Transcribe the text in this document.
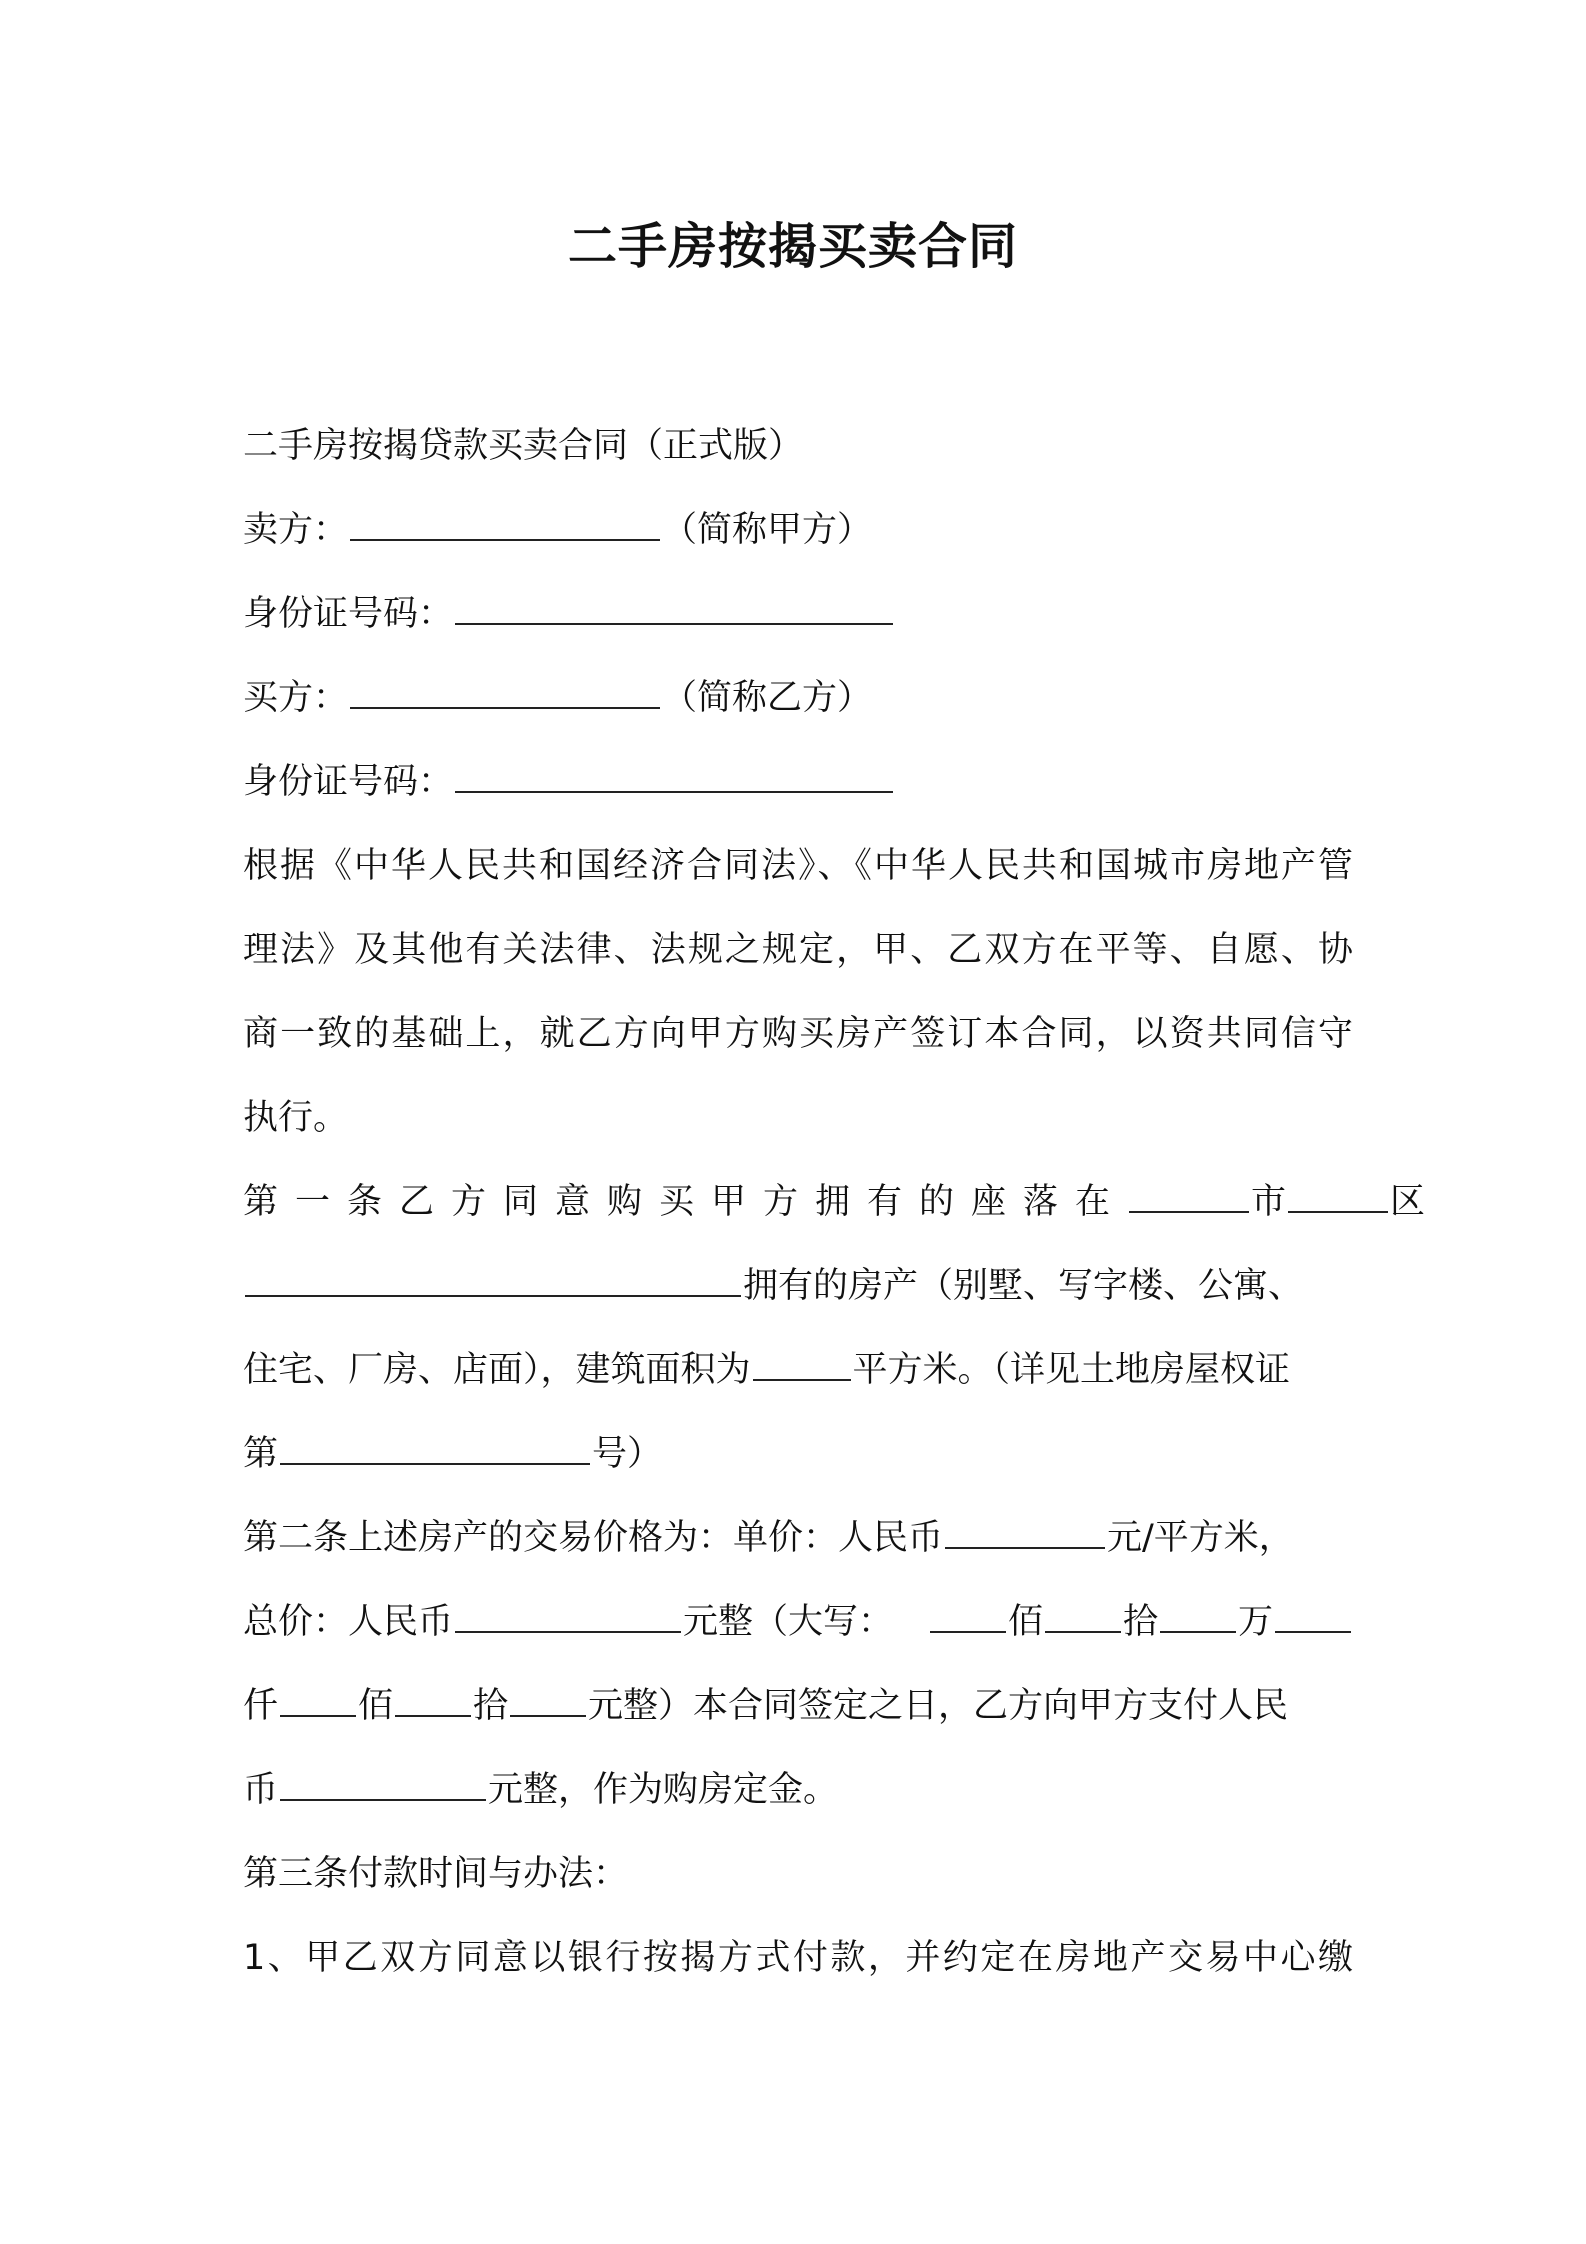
二手房按揭买卖合同
二手房按揭贷款买卖合同（正式版）
卖方：	（简称甲方）
身份证号码：
买方：	（简称乙方）
身份证号码：
根据《中华人民共和国经济合同法》、《中华人民共和国城市房地产管
理法》及其他有关法律、法规之规定，甲、乙双方在平等、自愿、协
商一致的基础上，就乙方向甲方购买房产签订本合同，以资共同信守
执行。
第一条乙方同意购买甲方拥有的座落在	市	区
拥有的房产（别墅、写字楼、公寓、
住宅、厂房、店面），建筑面积为	平方米。（详见土地房屋权证
第	号）
第二条上述房产的交易价格为：单价：人民币	元/平方米，
总价：人民币	元整（大写：	佰 拾 万
仟 佰 拾 元整）本合同签定之日，乙方向甲方支付人民
币	元整，作为购房定金。
第三条付款时间与办法：
1、甲乙双方同意以银行按揭方式付款，并约定在房地产交易中心缴
